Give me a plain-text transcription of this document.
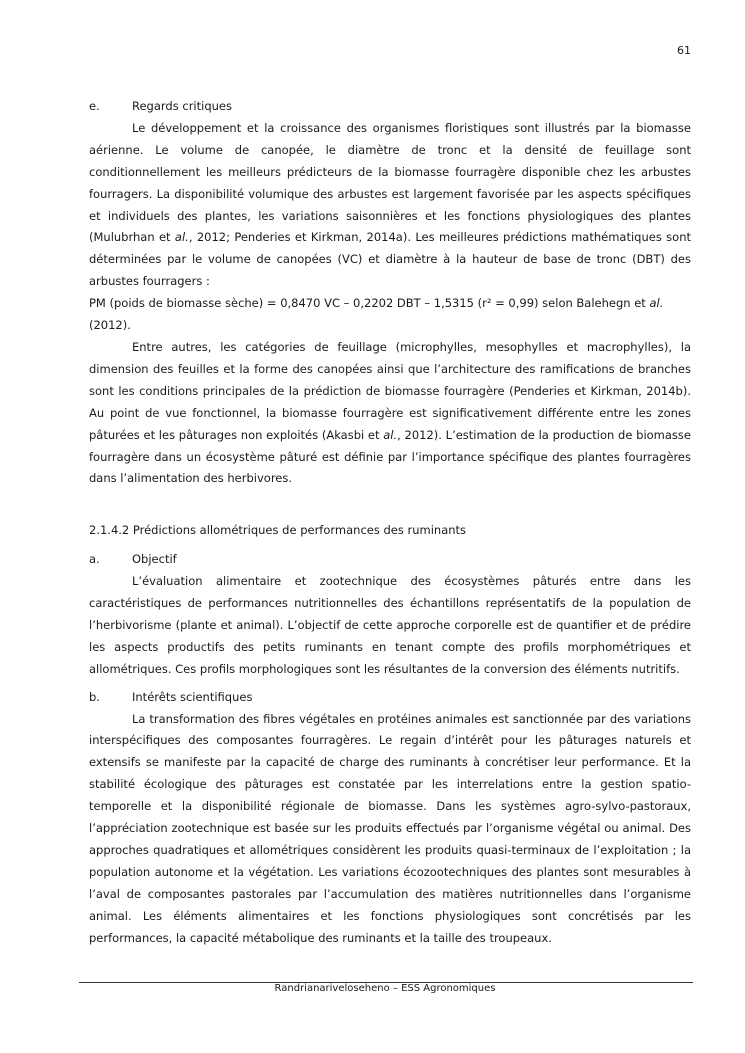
61
e.	Regards critiques

Le développement et la croissance des organismes floristiques sont illustrés par la biomasse aérienne. Le volume de canopée, le diamètre de tronc et la densité de feuillage sont conditionnellement les meilleurs prédicteurs de la biomasse fourragère disponible chez les arbustes fourragers. La disponibilité volumique des arbustes est largement favorisée par les aspects spécifiques et individuels des plantes, les variations saisonnières et les fonctions physiologiques des plantes (Mulubrhan et al., 2012; Penderies et Kirkman, 2014a). Les meilleures prédictions mathématiques sont déterminées par le volume de canopées (VC) et diamètre à la hauteur de base de tronc (DBT) des arbustes fourragers :

PM (poids de biomasse sèche) = 0,8470 VC – 0,2202 DBT – 1,5315 (r² = 0,99) selon Balehegn et al. (2012).

Entre autres, les catégories de feuillage (microphylles, mesophylles et macrophylles), la dimension des feuilles et la forme des canopées ainsi que l’architecture des ramifications de branches sont les conditions principales de la prédiction de biomasse fourragère (Penderies et Kirkman, 2014b). Au point de vue fonctionnel, la biomasse fourragère est significativement différente entre les zones pâturées et les pâturages non exploités (Akasbi et al., 2012). L’estimation de la production de biomasse fourragère dans un écosystème pâturé est définie par l’importance spécifique des plantes fourragères dans l’alimentation des herbivores.

2.1.4.2 Prédictions allométriques de performances des ruminants

a.	Objectif

L’évaluation alimentaire et zootechnique des écosystèmes pâturés entre dans les caractéristiques de performances nutritionnelles des échantillons représentatifs de la population de l’herbivorisme (plante et animal). L’objectif de cette approche corporelle est de quantifier et de prédire les aspects productifs des petits ruminants en tenant compte des profils morphométriques et allométriques. Ces profils morphologiques sont les résultantes de la conversion des éléments nutritifs.

b.	Intérêts scientifiques

La transformation des fibres végétales en protéines animales est sanctionnée par des variations interspécifiques des composantes fourragères. Le regain d’intérêt pour les pâturages naturels et extensifs se manifeste par la capacité de charge des ruminants à concrétiser leur performance. Et la stabilité écologique des pâturages est constatée par les interrelations entre la gestion spatio-temporelle et la disponibilité régionale de biomasse. Dans les systèmes agro-sylvo-pastoraux, l’appréciation zootechnique est basée sur les produits effectués par l’organisme végétal ou animal. Des approches quadratiques et allométriques considèrent les produits quasi-terminaux de l’exploitation ; la population autonome et la végétation. Les variations écozootechniques des plantes sont mesurables à l’aval de composantes pastorales par l’accumulation des matières nutritionnelles dans l’organisme animal. Les éléments alimentaires et les fonctions physiologiques sont concrétisés par les performances, la capacité métabolique des ruminants et la taille des troupeaux.

Randrianariveloseheno – ESS Agronomiques
